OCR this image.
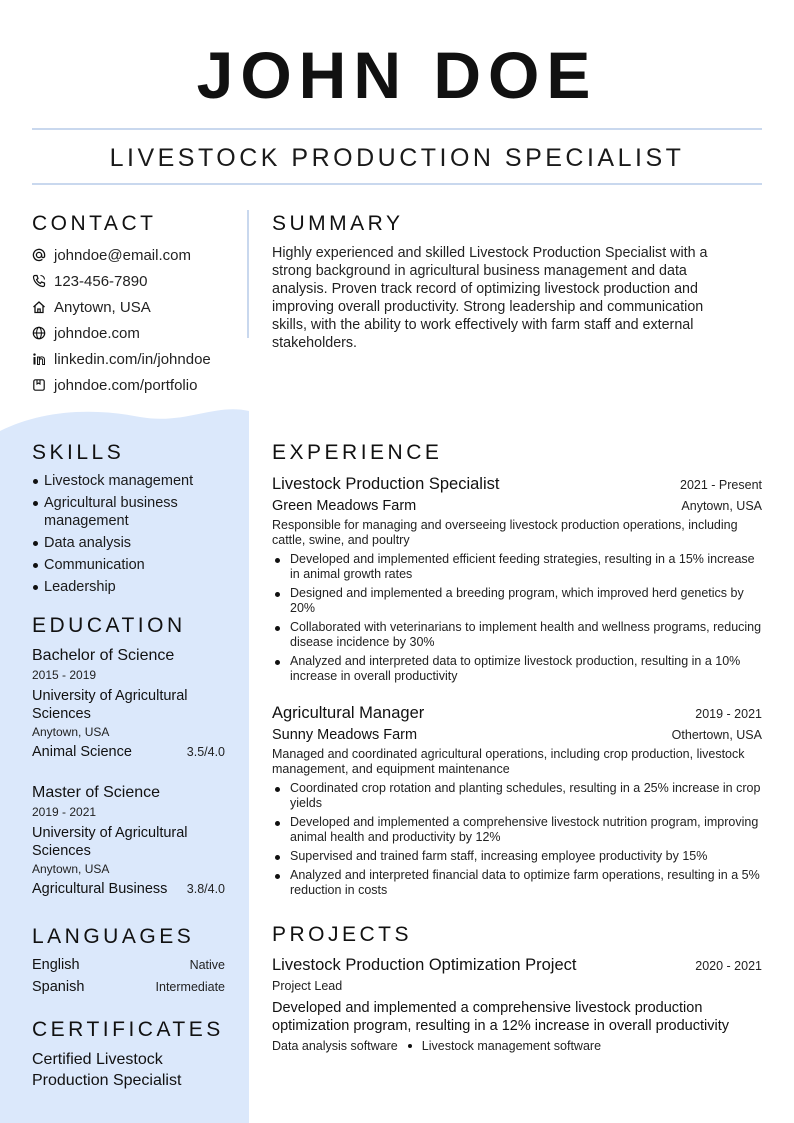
JOHN DOE
LIVESTOCK PRODUCTION SPECIALIST
CONTACT
johndoe@email.com
123-456-7890
Anytown, USA
johndoe.com
linkedin.com/in/johndoe
johndoe.com/portfolio
SUMMARY

Highly experienced and skilled Livestock Production Specialist with a strong background in agricultural business management and data analysis. Proven track record of optimizing livestock production and improving overall productivity. Strong leadership and communication skills, with the ability to work effectively with farm staff and external stakeholders.

SKILLS
Livestock management
Agricultural business management
Data analysis
Communication
Leadership
EDUCATION
Bachelor of Science
2015 - 2019
University of Agricultural Sciences
Anytown, USA
Animal Science	3.5/4.0
Master of Science
2019 - 2021
University of Agricultural Sciences
Anytown, USA
Agricultural Business 3.8/4.0
LANGUAGES
English	Native
Spanish	Intermediate
CERTIFICATES
Certified Livestock Production Specialist
EXPERIENCE
Livestock Production Specialist	2021 - Present
Green Meadows Farm	Anytown, USA
Responsible for managing and overseeing livestock production operations, including cattle, swine, and poultry
Developed and implemented efficient feeding strategies, resulting in a 15% increase in animal growth rates
Designed and implemented a breeding program, which improved herd genetics by 20%
Collaborated with veterinarians to implement health and wellness programs, reducing disease incidence by 30%
Analyzed and interpreted data to optimize livestock production, resulting in a 10% increase in overall productivity
Agricultural Manager	2019 - 2021
Sunny Meadows Farm	Othertown, USA
Managed and coordinated agricultural operations, including crop production, livestock management, and equipment maintenance
Coordinated crop rotation and planting schedules, resulting in a 25% increase in crop yields
Developed and implemented a comprehensive livestock nutrition program, improving animal health and productivity by 12%
Supervised and trained farm staff, increasing employee productivity by 15%
Analyzed and interpreted financial data to optimize farm operations, resulting in a 5% reduction in costs
PROJECTS
Livestock Production Optimization Project	2020 - 2021
Project Lead
Developed and implemented a comprehensive livestock production optimization program, resulting in a 12% increase in overall productivity
Data analysis software Livestock management software
